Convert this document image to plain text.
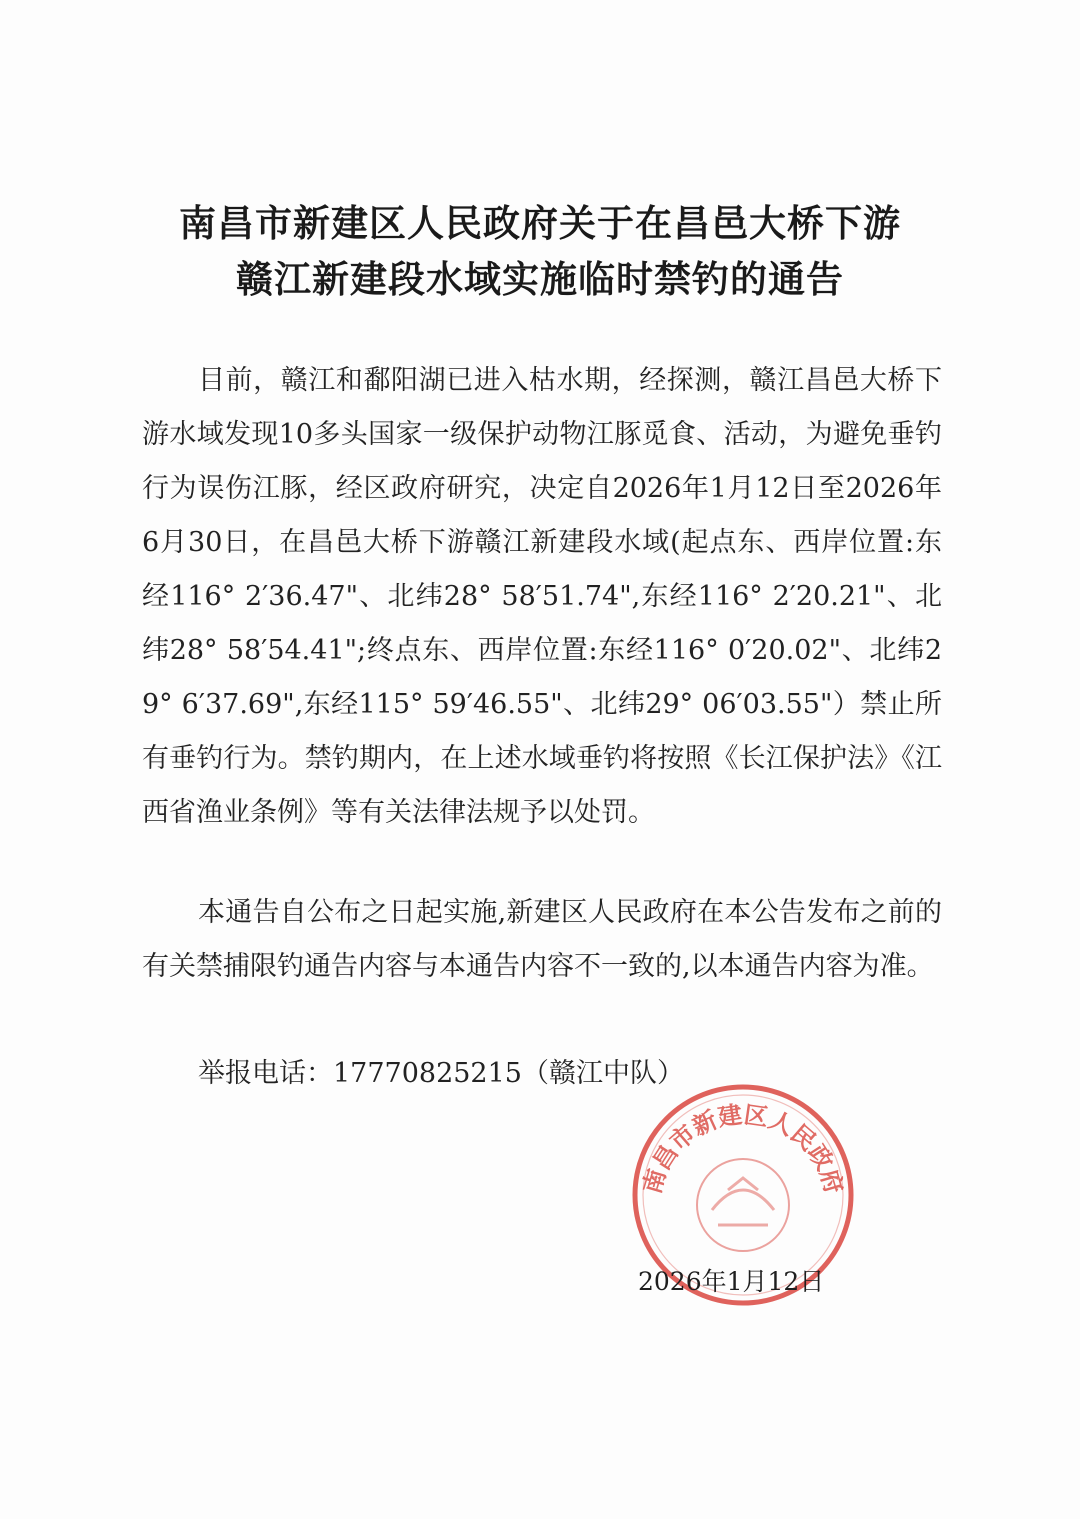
南昌市新建区人民政府关于在昌邑大桥下游
赣江新建段水域实施临时禁钓的通告
目前，赣江和鄱阳湖已进入枯水期，经探测，赣江昌邑大桥下游水域发现10多头国家一级保护动物江豚觅食、活动，为避免垂钓行为误伤江豚，经区政府研究，决定自2026年1月12日至2026年6月30日，在昌邑大桥下游赣江新建段水域(起点东、西岸位置:东经116° 2′36.47"、北纬28° 58′51.74",东经116° 2′20.21"、北纬28° 58′54.41";终点东、西岸位置:东经116° 0′20.02"、北纬29° 6′37.69",东经115° 59′46.55"、北纬29° 06′03.55"）禁止所有垂钓行为。禁钓期内，在上述水域垂钓将按照《长江保护法》《江西省渔业条例》等有关法律法规予以处罚。
本通告自公布之日起实施,新建区人民政府在本公告发布之前的有关禁捕限钓通告内容与本通告内容不一致的,以本通告内容为准。
举报电话：17770825215（赣江中队）
南昌市新建区人民政府
2026年1月12日
